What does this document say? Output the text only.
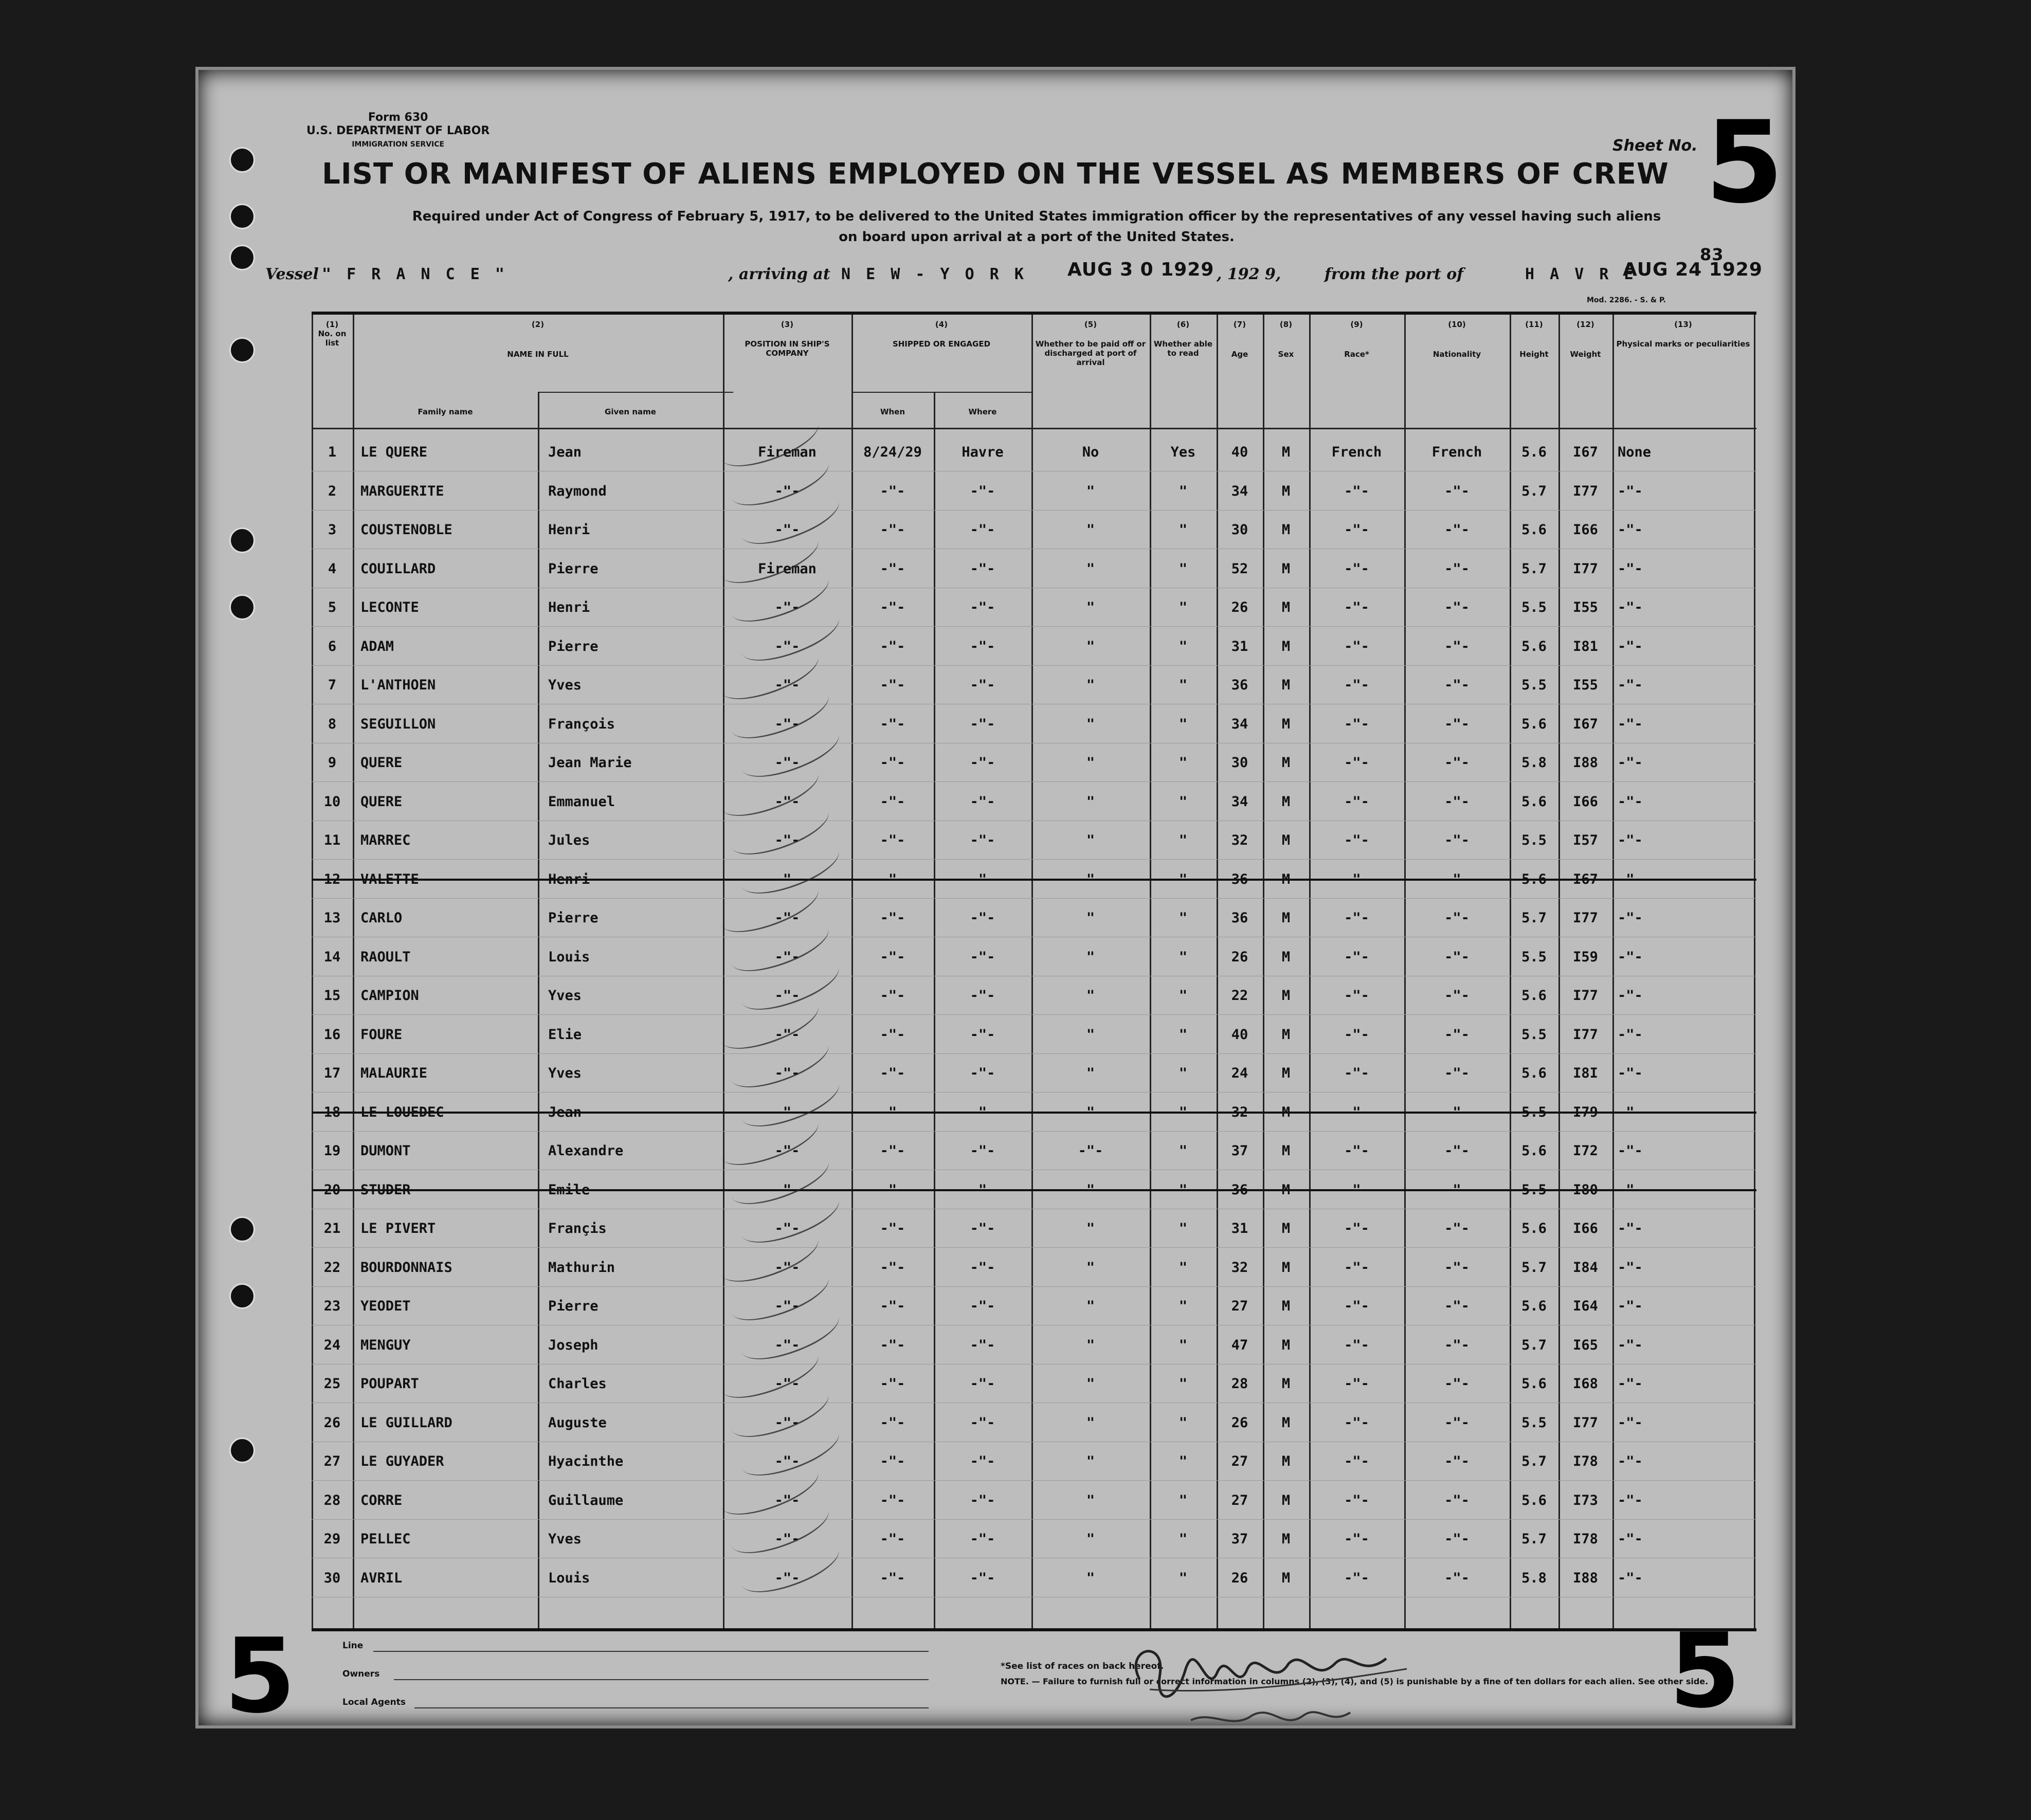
Form 630
U.S. DEPARTMENT OF LABOR
IMMIGRATION SERVICE	Sheet No. 5
LIST OR MANIFEST OF ALIENS EMPLOYED ON THE VESSEL AS MEMBERS OF CREW
Required under Act of Congress of February 5, 1917, to be delivered to the United States immigration officer by the representatives of any vessel having such aliens
on board upon arrival at a port of the United States.
Vessel " F R A N C E "	, arriving at N E W - Y O R K AUG 3 0 1929 , 192 9,	from the port of	H A V R E
AUG 24 1929
83
Mod. 2286. - S. & P.
(1)
No. on list
(2)
NAME IN FULL
Family name	Given name
(3)
POSITION IN SHIP'S COMPANY
(4)
SHIPPED OR ENGAGED
When	Where
(5)
Whether to be paid off or discharged at port of arrival
(6)
Whether able to read
(7)
Age
(8)
Sex
(9)
Race*
(10)
Nationality
(11)
Height
(12)
Weight
(13)
Physical marks or peculiarities
1	LE QUERE	Jean	Fireman	8/24/29	Havre	No	Yes	40	M	French	French	5.6	I67	None
2	MARGUERITE	Raymond	-"-	-"-	-"-	"	"	34	M	-"-	-"-	5.7	I77	-"-
3	COUSTENOBLE	Henri	-"-	-"-	-"-	"	"	30	M	-"-	-"-	5.6	I66	-"-
4	COUILLARD	Pierre	Fireman	-"-	-"-	"	"	52	M	-"-	-"-	5.7	I77	-"-
5	LECONTE	Henri	-"-	-"-	-"-	"	"	26	M	-"-	-"-	5.5	I55	-"-
6	ADAM	Pierre	-"-	-"-	-"-	"	"	31	M	-"-	-"-	5.6	I81	-"-
7	L'ANTHOEN	Yves	-"-	-"-	-"-	"	"	36	M	-"-	-"-	5.5	I55	-"-
8	SEGUILLON	François	-"-	-"-	-"-	"	"	34	M	-"-	-"-	5.6	I67	-"-
9	QUERE	Jean Marie	-"-	-"-	-"-	"	"	30	M	-"-	-"-	5.8	I88	-"-
10	QUERE	Emmanuel	-"-	-"-	-"-	"	"	34	M	-"-	-"-	5.6	I66	-"-
11	MARREC	Jules	-"-	-"-	-"-	"	"	32	M	-"-	-"-	5.5	I57	-"-
12	VALETTE	Henri	-"-	-"-	-"-	"	"	36	M	-"-	-"-	5.6	I67	-"-
13	CARLO	Pierre	-"-	-"-	-"-	"	"	36	M	-"-	-"-	5.7	I77	-"-
14	RAOULT	Louis	-"-	-"-	-"-	"	"	26	M	-"-	-"-	5.5	I59	-"-
15	CAMPION	Yves	-"-	-"-	-"-	"	"	22	M	-"-	-"-	5.6	I77	-"-
16	FOURE	Elie	-"-	-"-	-"-	"	"	40	M	-"-	-"-	5.5	I77	-"-
17	MALAURIE	Yves	-"-	-"-	-"-	"	"	24	M	-"-	-"-	5.6	I8I	-"-
18	LE LOUEDEC	Jean	-"-	-"-	-"-	"	"	32	M	-"-	-"-	5.5	I79	-"-
19	DUMONT	Alexandre	-"-	-"-	-"-	-"-	"	37	M	-"-	-"-	5.6	I72	-"-
20	STUDER	Emile	-"-	-"-	-"-	"	"	36	M	-"-	-"-	5.5	I80	-"-
21	LE PIVERT	Françis	-"-	-"-	-"-	"	"	31	M	-"-	-"-	5.6	I66	-"-
22	BOURDONNAIS	Mathurin	-"-	-"-	-"-	"	"	32	M	-"-	-"-	5.7	I84	-"-
23	YEODET	Pierre	-"-	-"-	-"-	"	"	27	M	-"-	-"-	5.6	I64	-"-
24	MENGUY	Joseph	-"-	-"-	-"-	"	"	47	M	-"-	-"-	5.7	I65	-"-
25	POUPART	Charles	-"-	-"-	-"-	"	"	28	M	-"-	-"-	5.6	I68	-"-
26	LE GUILLARD	Auguste	-"-	-"-	-"-	"	"	26	M	-"-	-"-	5.5	I77	-"-
27	LE GUYADER	Hyacinthe	-"-	-"-	-"-	"	"	27	M	-"-	-"-	5.7	I78	-"-
28	CORRE	Guillaume	-"-	-"-	-"-	"	"	27	M	-"-	-"-	5.6	I73	-"-
29	PELLEC	Yves	-"-	-"-	-"-	"	"	37	M	-"-	-"-	5.7	I78	-"-
30	AVRIL	Louis	-"-	-"-	-"-	"	"	26	M	-"-	-"-	5.8	I88	-"-
5	Line
Owners
Local Agents
*See list of races on back hereof.
NOTE. — Failure to furnish full or correct information in columns (2), (3), (4), and (5) is punishable by a fine of ten dollars for each alien. See other side.
5
